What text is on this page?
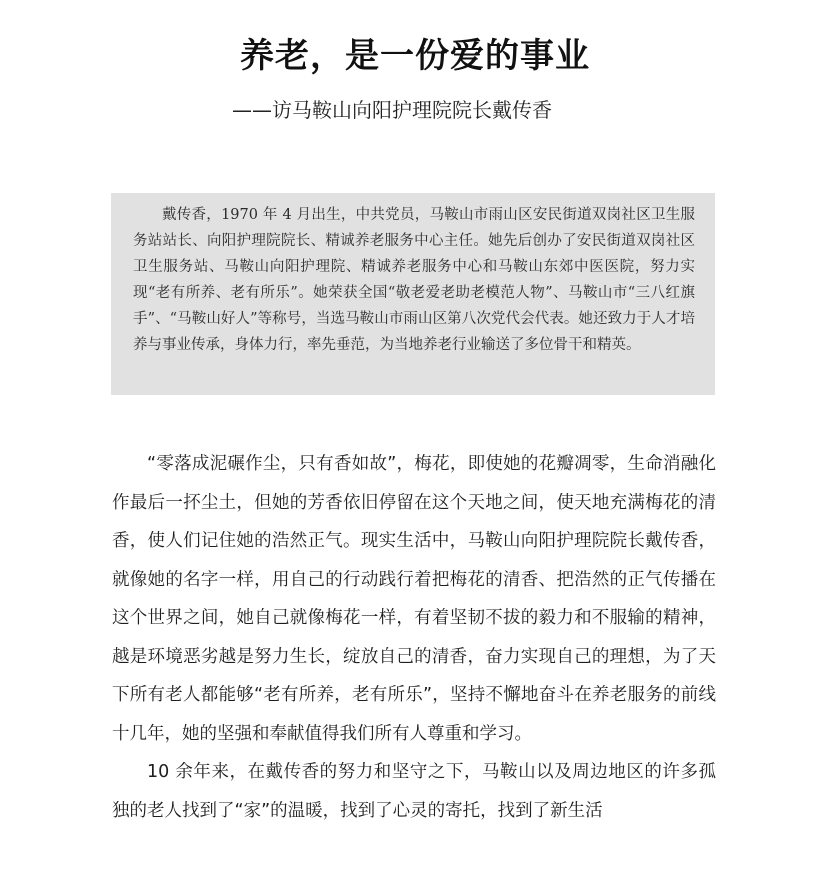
养老，是一份爱的事业
——访马鞍山向阳护理院院长戴传香

戴传香，1970 年 4 月出生，中共党员，马鞍山市雨山区安民街道双岗社区卫生服务站站长、向阳护理院院长、精诚养老服务中心主任。她先后创办了安民街道双岗社区卫生服务站、马鞍山向阳护理院、精诚养老服务中心和马鞍山东郊中医医院，努力实现“老有所养、老有所乐”。她荣获全国“敬老爱老助老模范人物”、马鞍山市“三八红旗手”、“马鞍山好人”等称号，当选马鞍山市雨山区第八次党代会代表。她还致力于人才培养与事业传承，身体力行，率先垂范，为当地养老行业输送了多位骨干和精英。

“零落成泥碾作尘，只有香如故”，梅花，即使她的花瓣凋零，生命消融化作最后一抔尘土，但她的芳香依旧停留在这个天地之间，使天地充满梅花的清香，使人们记住她的浩然正气。现实生活中，马鞍山向阳护理院院长戴传香，就像她的名字一样，用自己的行动践行着把梅花的清香、把浩然的正气传播在这个世界之间，她自己就像梅花一样，有着坚韧不拔的毅力和不服输的精神，越是环境恶劣越是努力生长，绽放自己的清香，奋力实现自己的理想，为了天下所有老人都能够“老有所养，老有所乐”，坚持不懈地奋斗在养老服务的前线十几年，她的坚强和奉献值得我们所有人尊重和学习。

10 余年来，在戴传香的努力和坚守之下，马鞍山以及周边地区的许多孤独的老人找到了“家”的温暖，找到了心灵的寄托，找到了新生活
